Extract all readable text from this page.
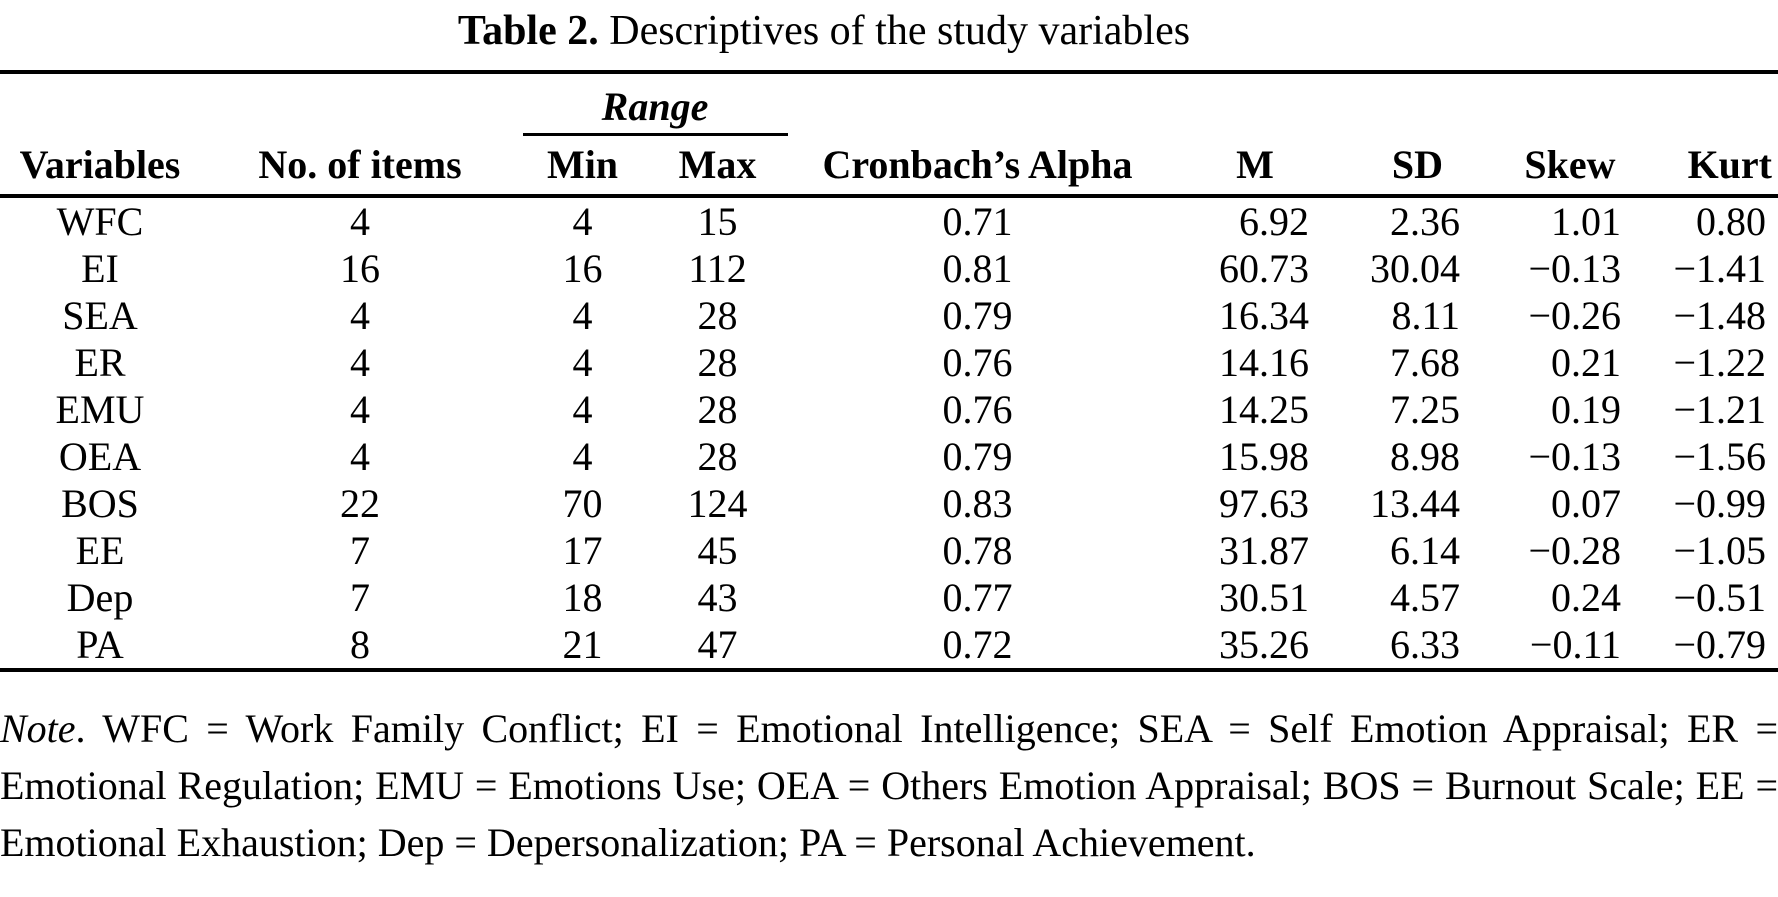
Table 2. Descriptives of the study variables

		Range						

Variables	No. of items	Min	Max	Cronbach’s Alpha	M	SD	Skew	Kurt
WFC	4	4	15	0.71	6.92	2.36	1.01	0.80
EI	16	16	112	0.81	60.73	30.04	−0.13	−1.41
SEA	4	4	28	0.79	16.34	8.11	−0.26	−1.48
ER	4	4	28	0.76	14.16	7.68	0.21	−1.22
EMU	4	4	28	0.76	14.25	7.25	0.19	−1.21
OEA	4	4	28	0.79	15.98	8.98	−0.13	−1.56
BOS	22	70	124	0.83	97.63	13.44	0.07	−0.99
EE	7	17	45	0.78	31.87	6.14	−0.28	−1.05
Dep	7	18	43	0.77	30.51	4.57	0.24	−0.51
PA	8	21	47	0.72	35.26	6.33	−0.11	−0.79
Note. WFC = Work Family Conflict; EI = Emotional Intelligence; SEA = Self Emotion Appraisal; ER = Emotional Regulation; EMU = Emotions Use; OEA = Others Emotion Appraisal; BOS = Burnout Scale; EE = Emotional Exhaustion; Dep = Depersonalization; PA = Personal Achievement.
